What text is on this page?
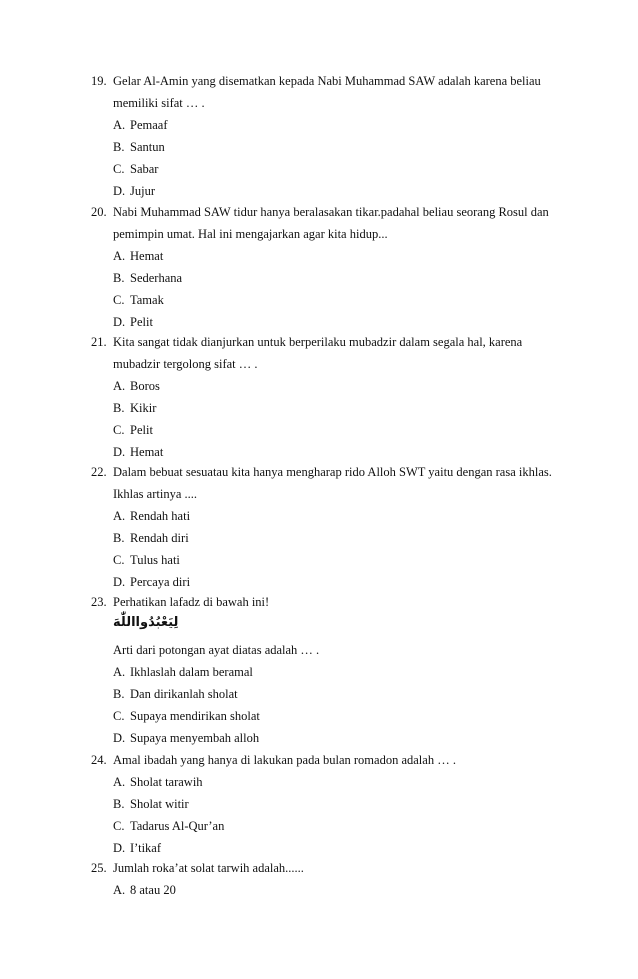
19. Gelar Al-Amin yang disematkan kepada Nabi Muhammad SAW adalah karena beliau
memiliki sifat … .
A. Pemaaf
B. Santun
C. Sabar
D. Jujur
20. Nabi Muhammad SAW tidur hanya beralasakan tikar.padahal beliau seorang Rosul dan
pemimpin umat. Hal ini mengajarkan agar kita hidup...
A. Hemat
B. Sederhana
C. Tamak
D. Pelit
21. Kita sangat tidak dianjurkan untuk berperilaku mubadzir dalam segala hal, karena
mubadzir tergolong sifat … .
A. Boros
B. Kikir
C. Pelit
D. Hemat
22. Dalam bebuat sesuatau kita hanya mengharap rido Alloh SWT yaitu dengan rasa ikhlas.
Ikhlas artinya ....
A. Rendah hati
B. Rendah diri
C. Tulus hati
D. Percaya diri
23. Perhatikan lafadz di bawah ini!
لِيَعْبُدُوااللّٰهَ
Arti dari potongan ayat diatas adalah … .
A. Ikhlaslah dalam beramal
B. Dan dirikanlah sholat
C. Supaya mendirikan sholat
D. Supaya menyembah alloh
24. Amal ibadah yang hanya di lakukan pada bulan romadon adalah … .
A. Sholat tarawih
B. Sholat witir
C. Tadarus Al-Qur’an
D. I’tikaf
25. Jumlah roka’at solat tarwih adalah......
A. 8 atau 20
